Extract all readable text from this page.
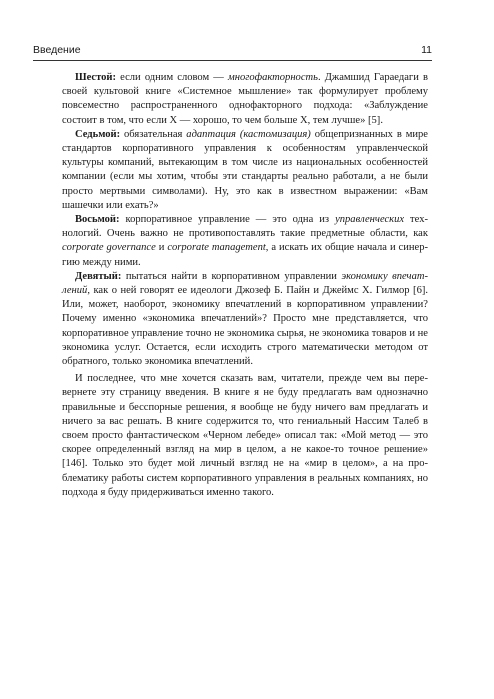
Введение	11

Шестой: если одним словом — многофакторность. Джамшид Гараедаги в своей культовой книге «Системное мышление» так формулирует проблему повсеместно распространенного однофакторного подхода: «Заблуждение состоит в том, что если Х — хорошо, то чем больше Х, тем лучше» [5].

Седьмой: обязательная адаптация (кастомизация) общепризнанных в мире стандартов корпоративного управления к особенностям управленческой культуры компаний, вытекающим в том числе из национальных особенностей компании (если мы хотим, чтобы эти стандарты реально работали, а не были просто мертвыми символами). Ну, это как в известном выражении: «Вам шашечки или ехать?»

Восьмой: корпоративное управление — это одна из управленческих технологий. Очень важно не противопоставлять такие предметные области, как corporate governance и corporate management, а искать их общие начала и синергию между ними.

Девятый: пытаться найти в корпоративном управлении экономику впечатлений, как о ней говорят ее идеологи Джозеф Б. Пайн и Джеймс Х. Гилмор [6]. Или, может, наоборот, экономику впечатлений в корпоративном управлении? Почему именно «экономика впечатлений»? Просто мне представляется, что корпоративное управление точно не экономика сырья, не экономика товаров и не экономика услуг. Остается, если исходить строго математически методом от обратного, только экономика впечатлений.

И последнее, что мне хочется сказать вам, читатели, прежде чем вы перевернете эту страницу введения. В книге я не буду предлагать вам однозначно правильные и бесспорные решения, я вообще не буду ничего вам предлагать и ничего за вас решать. В книге содержится то, что гениальный Нассим Талеб в своем просто фантастическом «Черном лебеде» описал так: «Мой метод — это скорее определенный взгляд на мир в целом, а не какое-то точное решение» [146]. Только это будет мой личный взгляд не на «мир в целом», а на проблематику работы систем корпоративного управления в реальных компаниях, но подхода я буду придерживаться именно такого.
